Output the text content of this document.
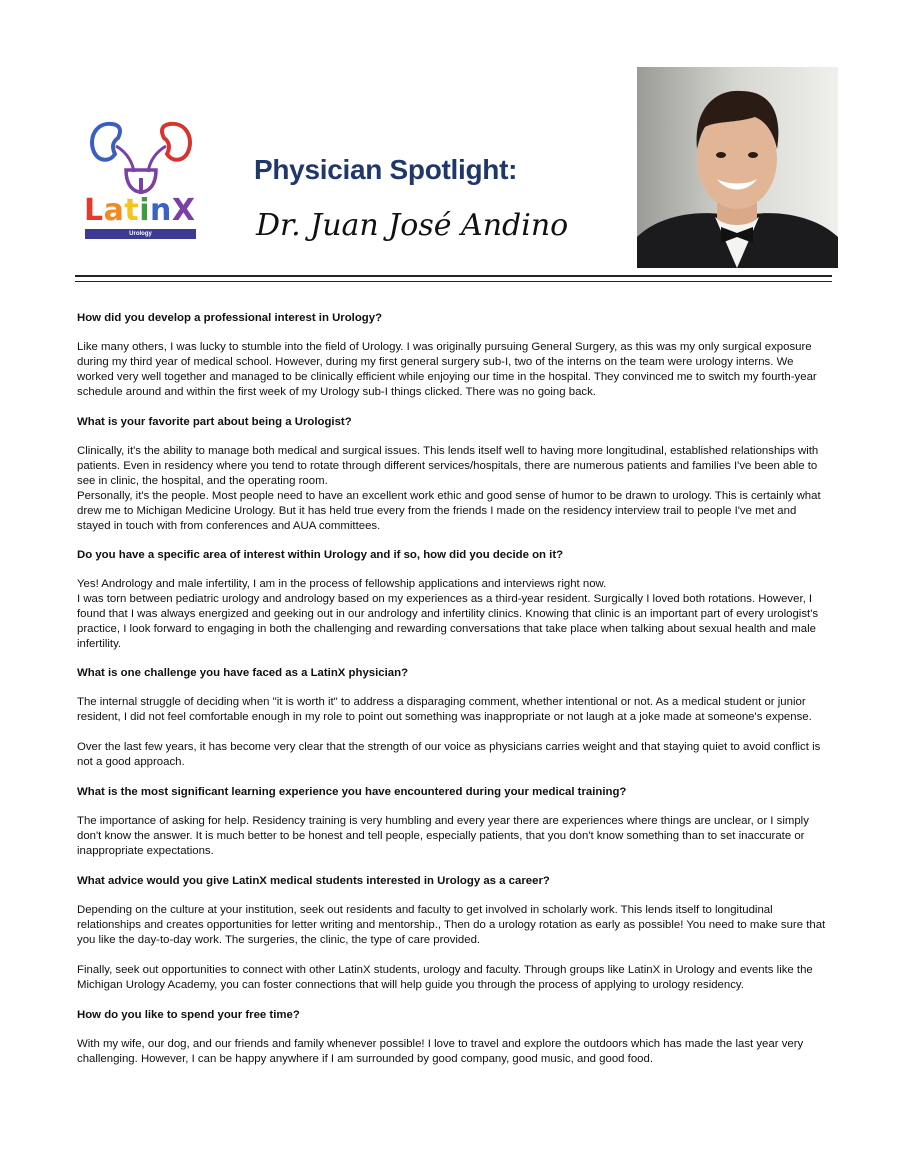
LatinX
Urology
Physician Spotlight:
Dr. Juan José Andino
How did you develop a professional interest in Urology?
Like many others, I was lucky to stumble into the field of Urology. I was originally pursuing General Surgery, as this was my only surgical exposure during my third year of medical school. However, during my first general surgery sub-I, two of the interns on the team were urology interns. We worked very well together and managed to be clinically efficient while enjoying our time in the hospital. They convinced me to switch my fourth-year schedule around and within the first week of my Urology sub-I things clicked. There was no going back.
What is your favorite part about being a Urologist?
Clinically, it's the ability to manage both medical and surgical issues. This lends itself well to having more longitudinal, established relationships with patients. Even in residency where you tend to rotate through different services/hospitals, there are numerous patients and families I've been able to see in clinic, the hospital, and the operating room.
Personally, it's the people. Most people need to have an excellent work ethic and good sense of humor to be drawn to urology. This is certainly what drew me to Michigan Medicine Urology. But it has held true every from the friends I made on the residency interview trail to people I've met and stayed in touch with from conferences and AUA committees.
Do you have a specific area of interest within Urology and if so, how did you decide on it?
Yes! Andrology and male infertility, I am in the process of fellowship applications and interviews right now.
I was torn between pediatric urology and andrology based on my experiences as a third-year resident. Surgically I loved both rotations. However, I found that I was always energized and geeking out in our andrology and infertility clinics. Knowing that clinic is an important part of every urologist's practice, I look forward to engaging in both the challenging and rewarding conversations that take place when talking about sexual health and male infertility.
What is one challenge you have faced as a LatinX physician?
The internal struggle of deciding when "it is worth it" to address a disparaging comment, whether intentional or not. As a medical student or junior resident, I did not feel comfortable enough in my role to point out something was inappropriate or not laugh at a joke made at someone's expense.
Over the last few years, it has become very clear that the strength of our voice as physicians carries weight and that staying quiet to avoid conflict is not a good approach.
What is the most significant learning experience you have encountered during your medical training?
The importance of asking for help. Residency training is very humbling and every year there are experiences where things are unclear, or I simply don't know the answer. It is much better to be honest and tell people, especially patients, that you don't know something than to set inaccurate or inappropriate expectations.
What advice would you give LatinX medical students interested in Urology as a career?
Depending on the culture at your institution, seek out residents and faculty to get involved in scholarly work. This lends itself to longitudinal relationships and creates opportunities for letter writing and mentorship., Then do a urology rotation as early as possible! You need to make sure that you like the day-to-day work. The surgeries, the clinic, the type of care provided.
Finally, seek out opportunities to connect with other LatinX students, urology and faculty. Through groups like LatinX in Urology and events like the Michigan Urology Academy, you can foster connections that will help guide you through the process of applying to urology residency.
How do you like to spend your free time?
With my wife, our dog, and our friends and family whenever possible! I love to travel and explore the outdoors which has made the last year very challenging. However, I can be happy anywhere if I am surrounded by good company, good music, and good food.
